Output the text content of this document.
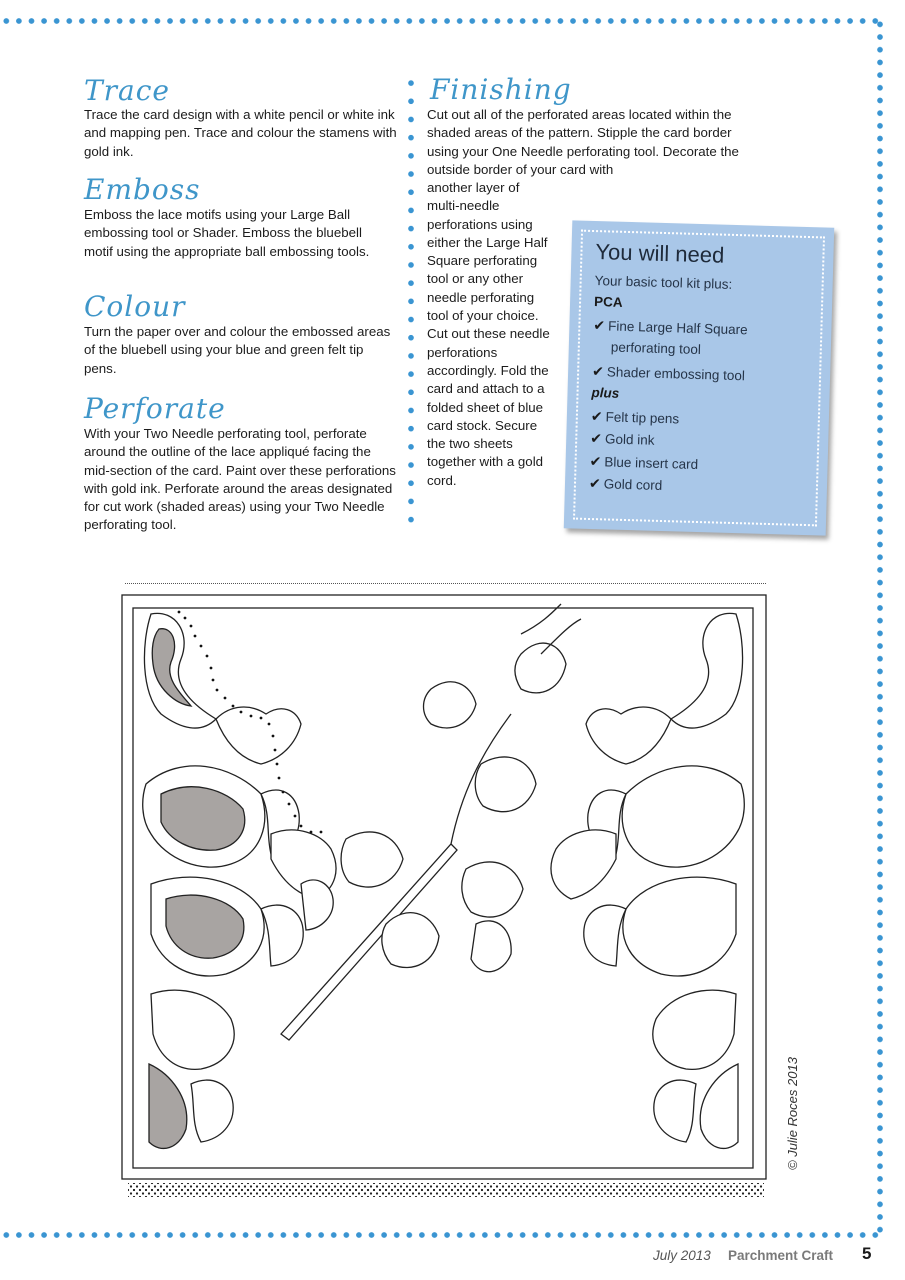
Trace

Trace the card design with a white pencil or white ink and mapping pen. Trace and colour the stamens with gold ink.

Emboss

Emboss the lace motifs using your Large Ball embossing tool or Shader. Emboss the bluebell motif using the appropriate ball embossing tools.

Colour

Turn the paper over and colour the embossed areas of the bluebell using your blue and green felt tip pens.

Perforate

With your Two Needle perforating tool, perforate around the outline of the lace appliqué facing the mid-section of the card. Paint over these perforations with gold ink. Perforate around the areas designated for cut work (shaded areas) using your Two Needle perforating tool.

Finishing

Cut out all of the perforated areas located within the shaded areas of the pattern. Stipple the card border using your One Needle perforating tool. Decorate the outside border of your card with

another layer of multi-needle perforations using either the Large Half Square perforating tool or any other needle perforating tool of your choice. Cut out these needle perforations accordingly. Fold the card and attach to a folded sheet of blue card stock. Secure the two sheets together with a gold cord.

You will need
Your basic tool kit plus:
PCA
✔ Fine Large Half Square
perforating tool
✔ Shader embossing tool
plus
✔ Felt tip pens
✔ Gold ink
✔ Blue insert card
✔ Gold cord
© Julie Roces 2013
July 2013 Parchment Craft 5
